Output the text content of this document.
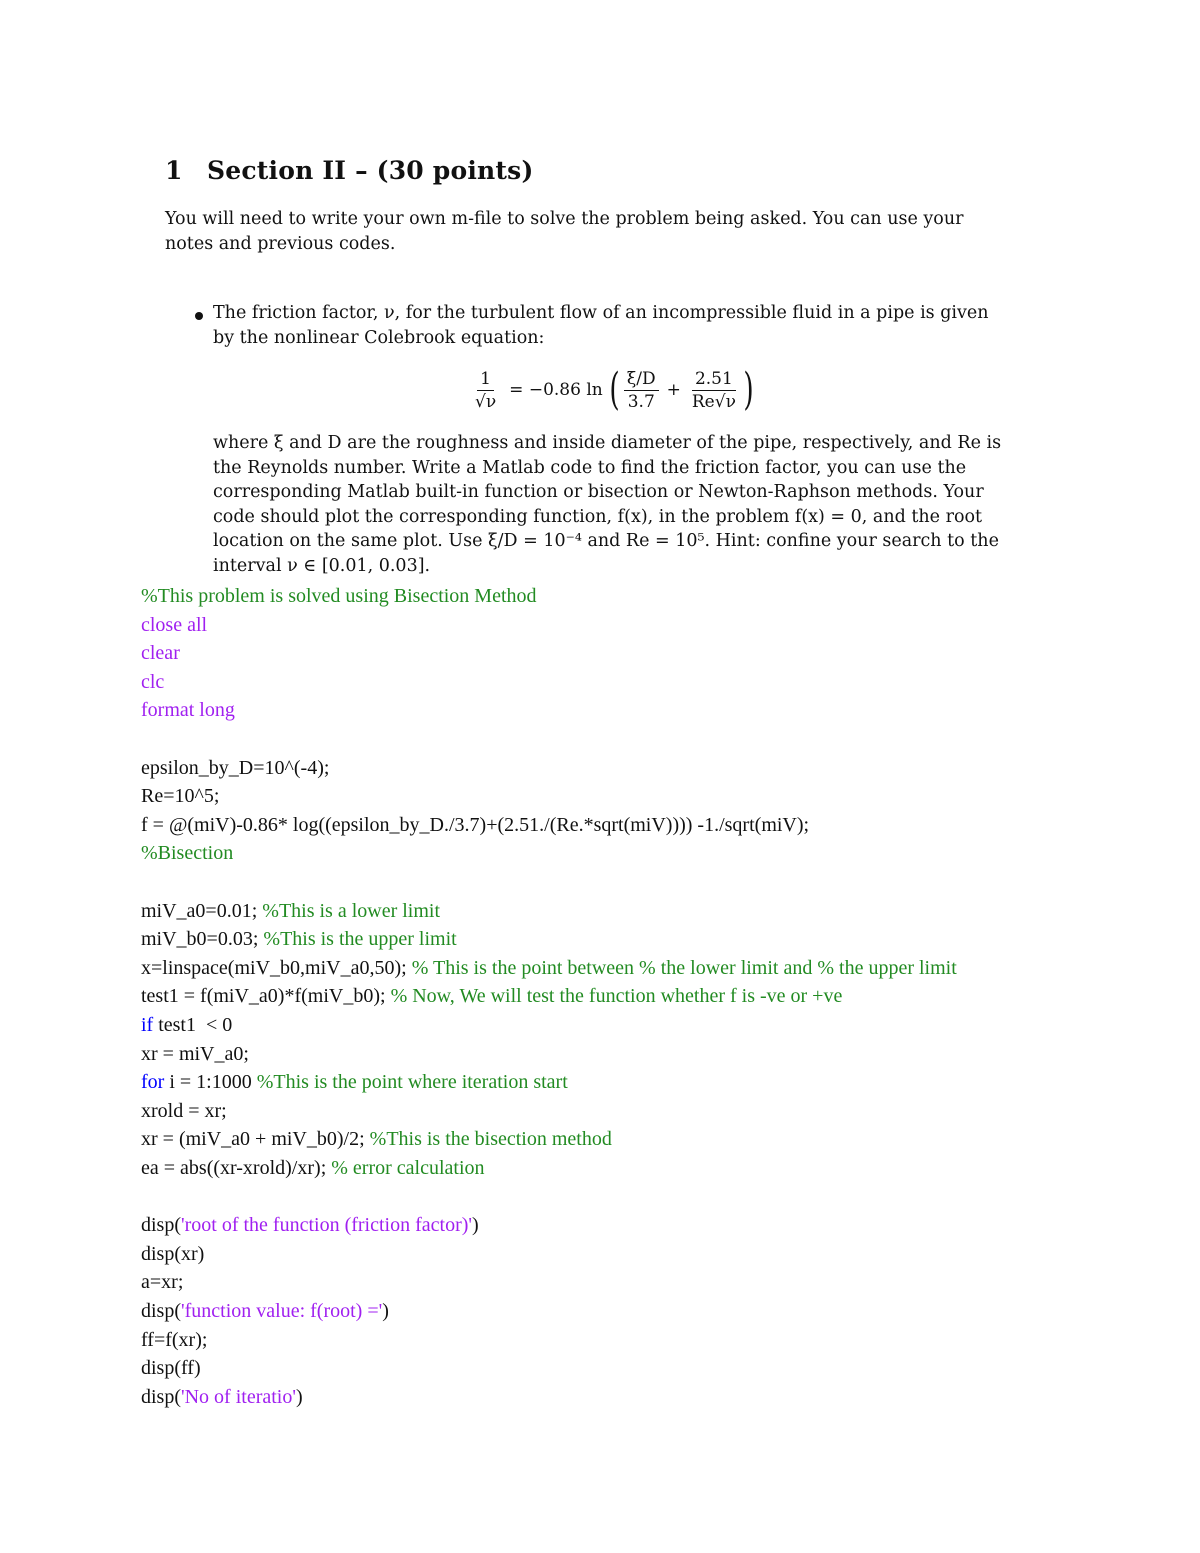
1 Section II – (30 points)
You will need to write your own m-file to solve the problem being asked. You can use your notes and previous codes.
The friction factor, ν, for the turbulent flow of an incompressible fluid in a pipe is given by the nonlinear Colebrook equation:
$\frac{1}{√\nu} = -0.86$ ln ( $\frac{\xi/D}{3.7} + \frac{2.51}{Re√\nu}$ )
where ξ and D are the roughness and inside diameter of the pipe, respectively, and Re is the Reynolds number. Write a Matlab code to find the friction factor, you can use the corresponding Matlab built-in function or bisection or Newton-Raphson methods. Your code should plot the corresponding function, f(x), in the problem f(x) = 0, and the root location on the same plot. Use ξ/D = 10⁻⁴ and Re = 10⁵. Hint: confine your search to the interval ν ∈ [0.01, 0.03].
%This problem is solved using Bisection Method
close all
clear
clc
format long
epsilon_by_D=10^(-4);
Re=10^5;
f = @(miV)-0.86* log((epsilon_by_D./3.7)+(2.51./(Re.*sqrt(miV)))) -1./sqrt(miV);
%Bisection
miV_a0=0.01; %This is a lower limit
miV_b0=0.03; %This is the upper limit
x=linspace(miV_b0,miV_a0,50); % This is the point between % the lower limit and % the upper limit
test1 = f(miV_a0)*f(miV_b0); % Now, We will test the function whether f is -ve or +ve
if test1  < 0
xr = miV_a0;
for i = 1:1000 %This is the point where iteration start
xrold = xr;
xr = (miV_a0 + miV_b0)/2; %This is the bisection method
ea = abs((xr-xrold)/xr); % error calculation
disp('root of the function (friction factor)')
disp(xr)
a=xr;
disp('function value: f(root) =')
ff=f(xr);
disp(ff)
disp('No of iteratio')
